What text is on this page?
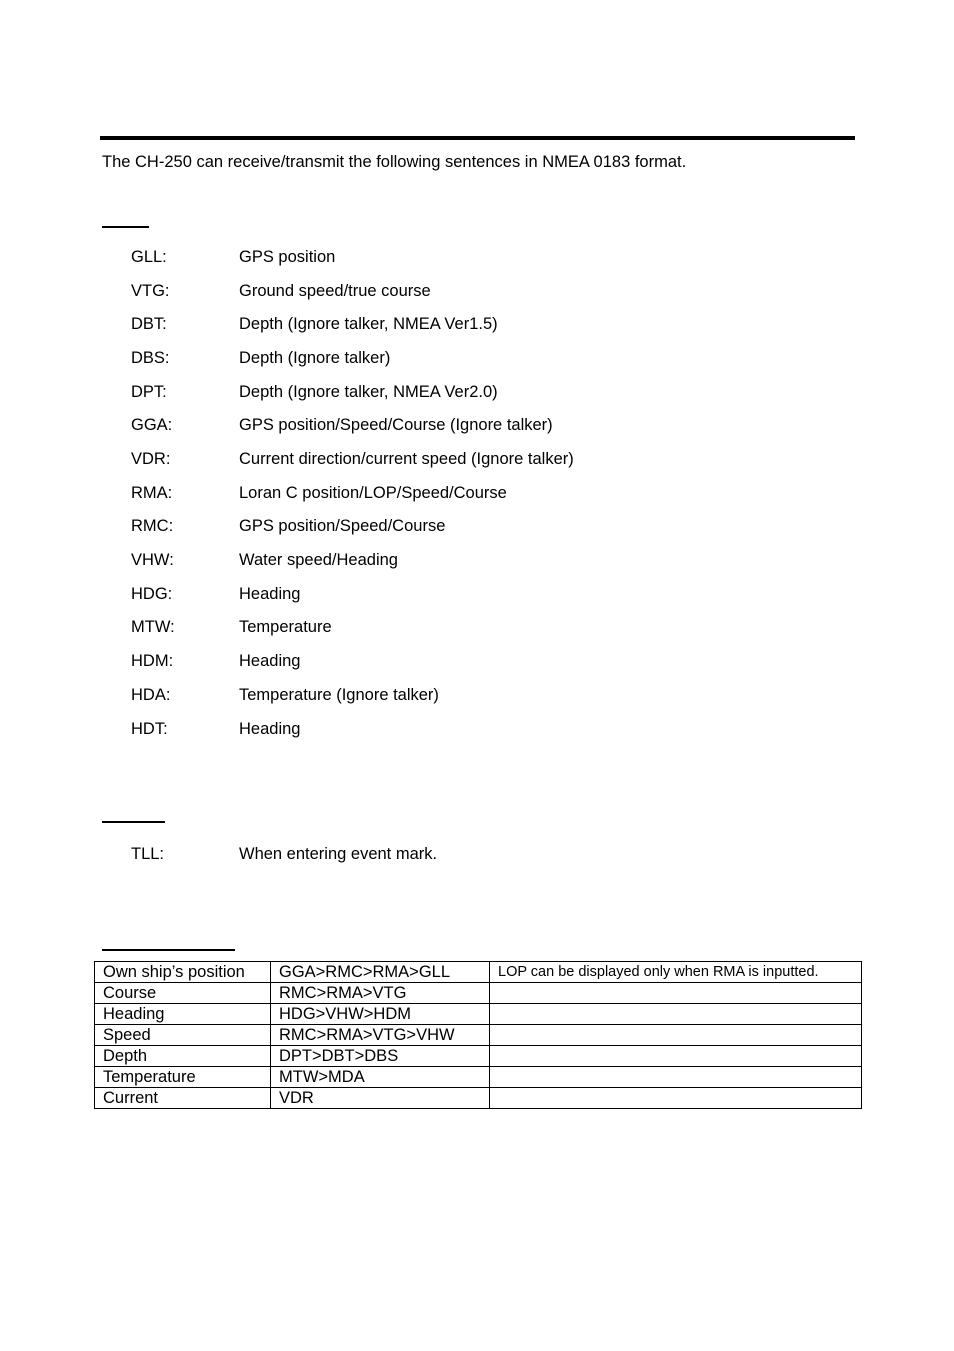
The CH-250 can receive/transmit the following sentences in NMEA 0183 format.
GLL:	GPS position
VTG:	Ground speed/true course
DBT:	Depth (Ignore talker, NMEA Ver1.5)
DBS:	Depth (Ignore talker)
DPT:	Depth (Ignore talker, NMEA Ver2.0)
GGA:	GPS position/Speed/Course (Ignore talker)
VDR:	Current direction/current speed (Ignore talker)
RMA:	Loran C position/LOP/Speed/Course
RMC:	GPS position/Speed/Course
VHW:	Water speed/Heading
HDG:	Heading
MTW:	Temperature
HDM:	Heading
HDA:	Temperature (Ignore talker)
HDT:	Heading
TLL:	When entering event mark.
Own ship’s position	GGA>RMC>RMA>GLL	LOP can be displayed only when RMA is inputted.
Course	RMC>RMA>VTG	
Heading	HDG>VHW>HDM	
Speed	RMC>RMA>VTG>VHW	
Depth	DPT>DBT>DBS	
Temperature	MTW>MDA	
Current	VDR	
